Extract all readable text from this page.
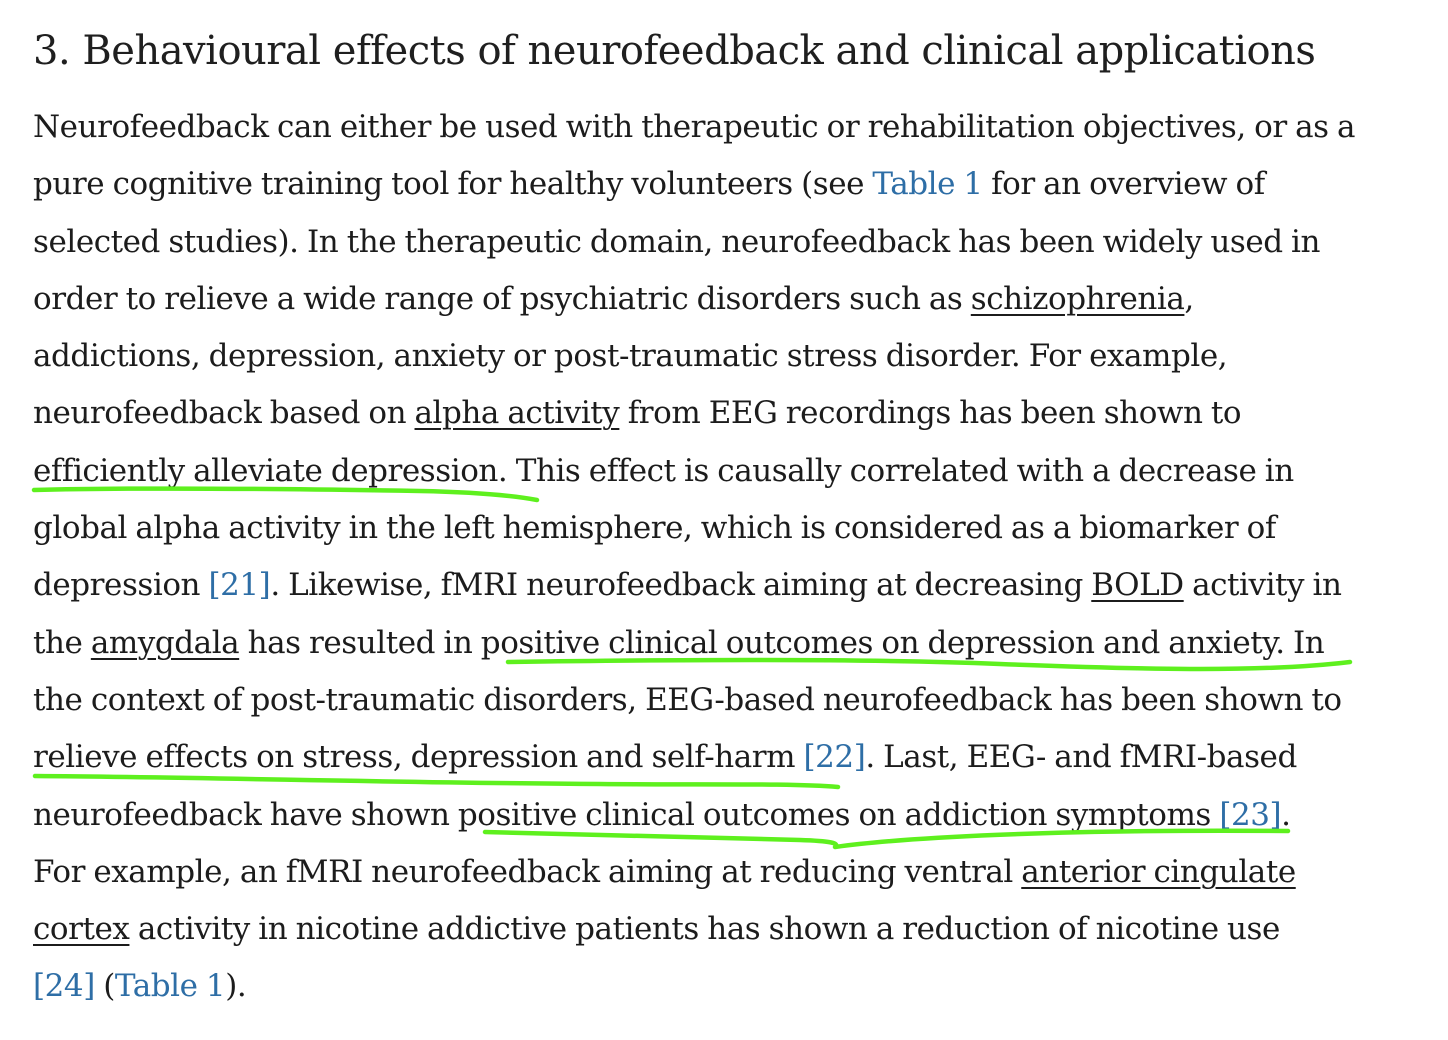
3. Behavioural effects of neurofeedback and clinical applications

Neurofeedback can either be used with therapeutic or rehabilitation objectives, or as a
pure cognitive training tool for healthy volunteers (see Table 1 for an overview of
selected studies). In the therapeutic domain, neurofeedback has been widely used in
order to relieve a wide range of psychiatric disorders such as schizophrenia,
addictions, depression, anxiety or post-traumatic stress disorder. For example,
neurofeedback based on alpha activity from EEG recordings has been shown to
efficiently alleviate depression. This effect is causally correlated with a decrease in
global alpha activity in the left hemisphere, which is considered as a biomarker of
depression [21]. Likewise, fMRI neurofeedback aiming at decreasing BOLD activity in
the amygdala has resulted in positive clinical outcomes on depression and anxiety. In
the context of post-traumatic disorders, EEG-based neurofeedback has been shown to
relieve effects on stress, depression and self-harm [22]. Last, EEG- and fMRI-based
neurofeedback have shown positive clinical outcomes on addiction symptoms [23].
For example, an fMRI neurofeedback aiming at reducing ventral anterior cingulate
cortex activity in nicotine addictive patients has shown a reduction of nicotine use
[24] (Table 1).
